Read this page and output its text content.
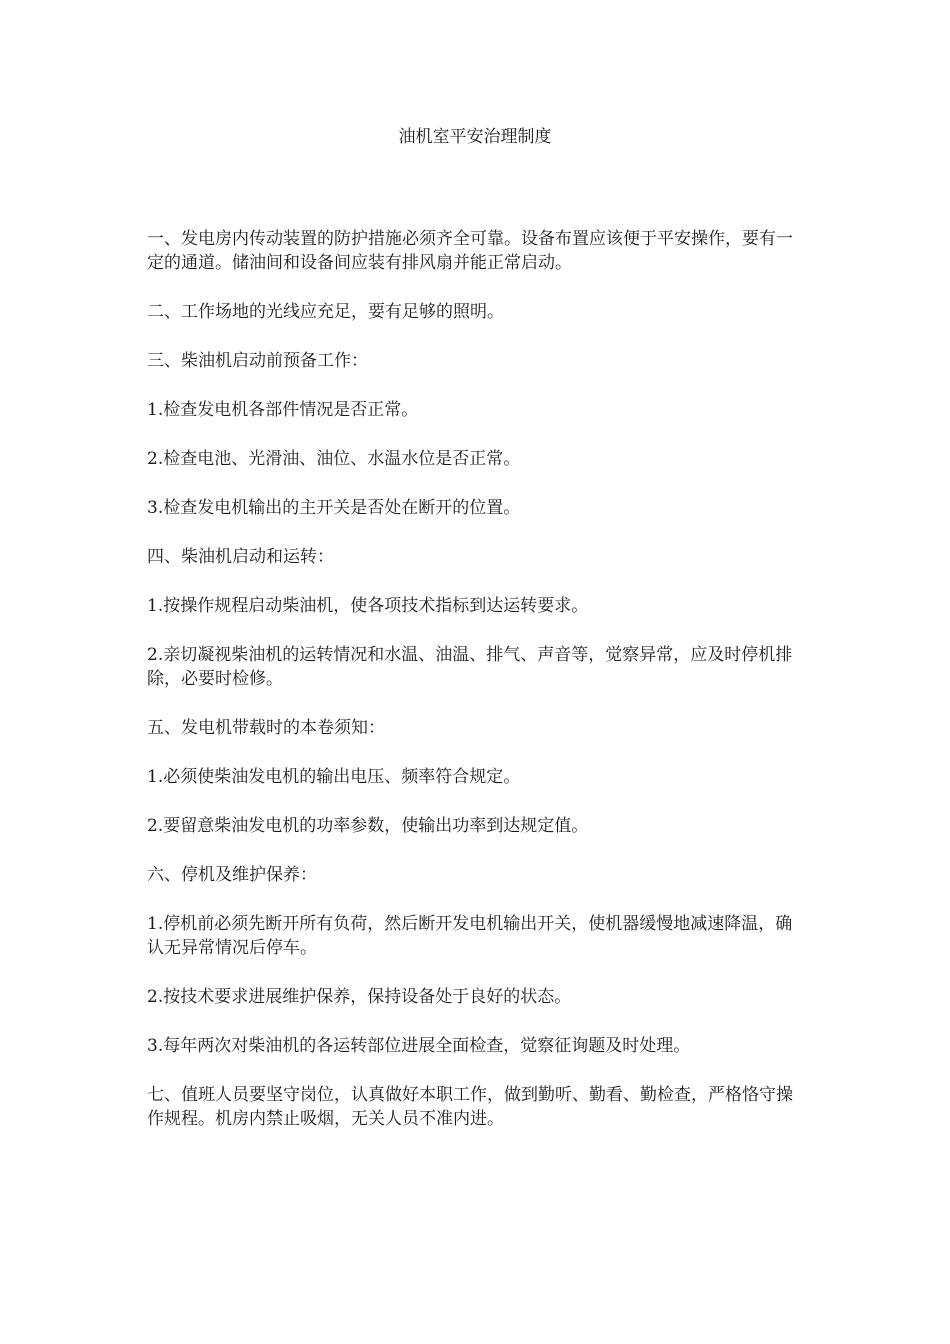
油机室平安治理制度

一、发电房内传动装置的防护措施必须齐全可靠。设备布置应该便于平安操作，要有一定的通道。储油间和设备间应装有排风扇并能正常启动。

二、工作场地的光线应充足，要有足够的照明。

三、柴油机启动前预备工作：

1.检查发电机各部件情况是否正常。

2.检查电池、光滑油、油位、水温水位是否正常。

3.检查发电机输出的主开关是否处在断开的位置。

四、柴油机启动和运转：

1.按操作规程启动柴油机，使各项技术指标到达运转要求。

2.亲切凝视柴油机的运转情况和水温、油温、排气、声音等，觉察异常，应及时停机排除，必要时检修。

五、发电机带载时的本卷须知：

1.必须使柴油发电机的输出电压、频率符合规定。

2.要留意柴油发电机的功率参数，使输出功率到达规定值。

六、停机及维护保养：

1.停机前必须先断开所有负荷，然后断开发电机输出开关，使机器缓慢地减速降温，确认无异常情况后停车。

2.按技术要求进展维护保养，保持设备处于良好的状态。

3.每年两次对柴油机的各运转部位进展全面检查，觉察征询题及时处理。

七、值班人员要坚守岗位，认真做好本职工作，做到勤听、勤看、勤检查，严格恪守操作规程。机房内禁止吸烟，无关人员不准内进。
